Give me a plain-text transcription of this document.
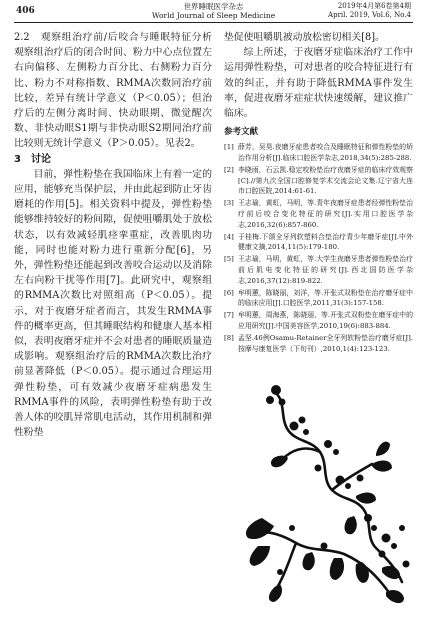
406	世界睡眠医学杂志
World Journal of Sleep Medicine
2019年4月第6卷第4期
April. 2019, Vol.6, No.4

2.2　观察组治疗前/后咬合与睡眠特征分析　观察组治疗后的闭合时间、粉力中心点位置左右向偏移、左侧粉力百分比、右侧粉力百分比、粉力不对称指数、RMMA次数同治疗前比较，差异有统计学意义（P＜0.05）；但治疗后的左侧分离时间、快动眼期、微觉醒次数、非快动眼S1期与非快动眼S2期同治疗前比较则无统计学意义（P＞0.05）。见表2。

3　讨论

目前，弹性粉垫在我国临床上有着一定的应用，能够充当保护层，并由此起到防止牙齿磨耗的作用[5]。相关资料中提及，弹性粉垫能够维持较好的粉间隙，促使咀嚼肌处于放松状态，以有效减轻肌痉挛重症，改善肌肉功能，同时也能对粉力进行重新分配[6]，另外，弹性粉垫还能起到改善咬合运动以及消除左右向粉干扰等作用[7]。此研究中，观察组的RMMA次数比对照组高（P＜0.05）。提示，对于夜磨牙症者而言，其发生RMMA事件的概率更高，但其睡眠结构和健康人基本相似，表明夜磨牙症并不会对患者的睡眠质量造成影响。观察组治疗后的RMMA次数比治疗前显著降低（P＜0.05）。提示通过合理运用弹性粉垫，可有效减少夜磨牙症病患发生RMMA事件的风险，表明弹性粉垫有助于改善人体的咬肌异常肌电活动，其作用机制和弹性粉垫

垫促使咀嚼肌被动放松密切相关[8]。

综上所述，于夜磨牙症临床治疗工作中运用弹性粉垫，可对患者的咬合特征进行有效的纠正，并有助于降低RMMA事件发生率，促进夜磨牙症症状快速缓解，建议推广临床。

参考文献
[1] 薛芳，吴昊.夜磨牙症患者咬合及睡眠特征和弹性粉垫的矫治作用分析[J].临床口腔医学杂志,2018,34(5):285-288.
[2] 李晓雨，石云凯.稳定咬粉垫治疗夜磨牙症的临床疗效观察[C].//第九次全国口腔修复学术交流会论文集.辽宁省大连市口腔医院,2014:61-61.
[3] 王志瑜，黄虹，马明，等.青年夜磨牙症患者经弹性粉垫治疗前后咬合变化特征的研究[J].实用口腔医学杂志,2016,32(6):857-860.
[4] 于桂梅.下颌全牙列软塑料合垫治疗青少年磨牙症[J].中外健康文摘,2014,11(5):179-180.
[5] 王志瑜，马明，黄虹，等.大学生夜磨牙患者弹性粉垫治疗前后肌电变化特征的研究[J].西北国防医学杂志,2016,37(12):819-822.
[6] 牟明蕙，陈晓丽，刘洋，等.开张式双粉垫在治疗磨牙症中的临床应用[J].口腔医学,2011,31(3):157-158.
[7] 牟明蕙，周海燕，陈晓丽，等.开张式双粉垫在磨牙症中的应用研究[J].中国美容医学,2010,19(6):883-884.
[8] 孟坚.46例Osamu-Retainer全牙列软粉垫治疗磨牙症[J].按摩与康复医学（下旬刊）,2010,1(4):123-123.
